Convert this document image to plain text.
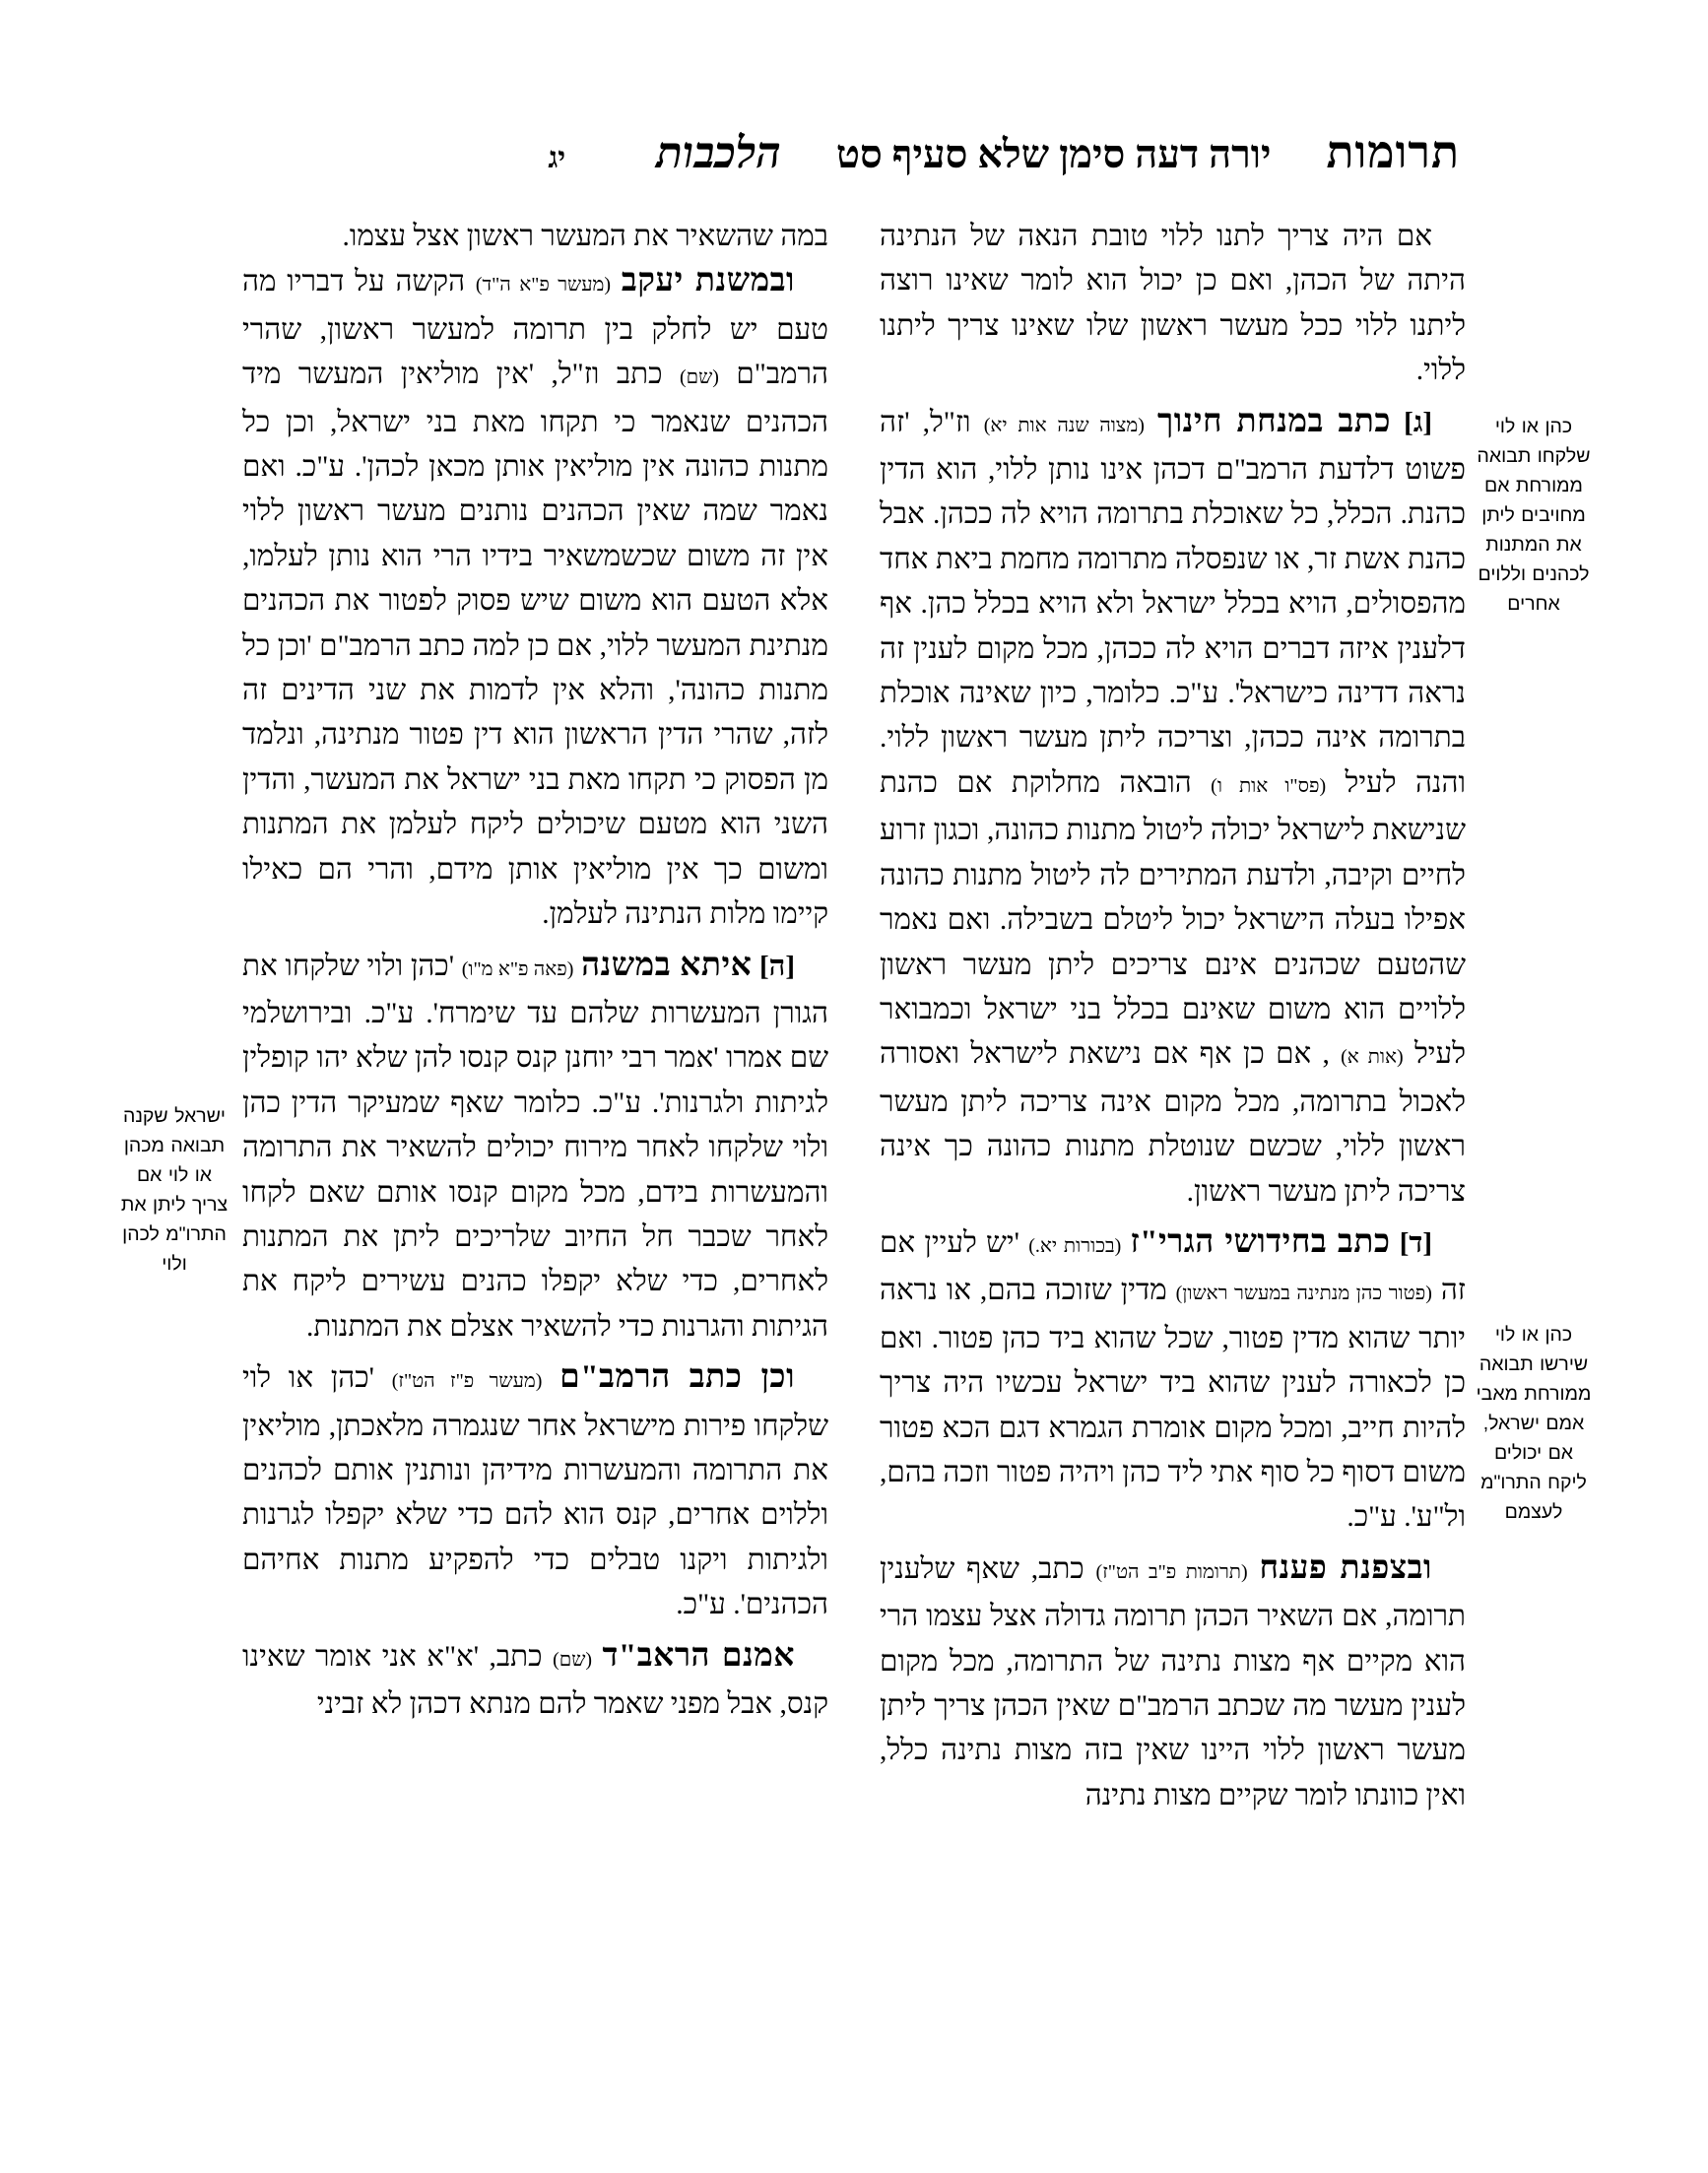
תרומות
יורה דעה סימן שלא סעיף סט
הלכבות
יג
כהן או לוי שלקחו תבואה ממורחת אם מחויבים ליתן את המתנות לכהנים וללוים אחרים
כהן או לוי שירשו תבואה ממורחת מאבי אמם ישראל, אם יכולים ליקח התרו"מ לעצמם

אם היה צריך לתנו ללוי טובת הנאה של הנתינה היתה של הכהן, ואם כן יכול הוא לומר שאינו רוצה ליתנו ללוי ככל מעשר ראשון שלו שאינו צריך ליתנו ללוי.

[ג] כתב במנחת חינוך (מצוה שנה אות יא) וז"ל, 'זה פשוט דלדעת הרמב"ם דכהן אינו נותן ללוי, הוא הדין כהנת. הכלל, כל שאוכלת בתרומה הויא לה ככהן. אבל כהנת אשת זר, או שנפסלה מתרומה מחמת ביאת אחד מהפסולים, הויא בכלל ישראל ולא הויא בכלל כהן. אף דלענין איזה דברים הויא לה ככהן, מכל מקום לענין זה נראה דדינה כישראל'. ע"כ. כלומר, כיון שאינה אוכלת בתרומה אינה ככהן, וצריכה ליתן מעשר ראשון ללוי. והנה לעיל (פס"ו אות ו) הובאה מחלוקת אם כהנת שנישאת לישראל יכולה ליטול מתנות כהונה, וכגון זרוע לחיים וקיבה, ולדעת המתירים לה ליטול מתנות כהונה אפילו בעלה הישראל יכול ליטלם בשבילה. ואם נאמר שהטעם שכהנים אינם צריכים ליתן מעשר ראשון ללויים הוא משום שאינם בכלל בני ישראל וכמבואר לעיל (אות א) , אם כן אף אם נישאת לישראל ואסורה לאכול בתרומה, מכל מקום אינה צריכה ליתן מעשר ראשון ללוי, שכשם שנוטלת מתנות כהונה כך אינה צריכה ליתן מעשר ראשון.

[ד] כתב בחידושי הגרי"ז (בכורות יא.) 'יש לעיין אם זה (פטור כהן מנתינה במעשר ראשון) מדין שזוכה בהם, או נראה יותר שהוא מדין פטור, שכל שהוא ביד כהן פטור. ואם כן לכאורה לענין שהוא ביד ישראל עכשיו היה צריך להיות חייב, ומכל מקום אומרת הגמרא דגם הכא פטור משום דסוף כל סוף אתי ליד כהן ויהיה פטור וזכה בהם, ול"ע'. ע"כ.

ובצפנת פענח (תרומות פ"ב הט"ז) כתב, שאף שלענין תרומה, אם השאיר הכהן תרומה גדולה אצל עצמו הרי הוא מקיים אף מצות נתינה של התרומה, מכל מקום לענין מעשר מה שכתב הרמב"ם שאין הכהן צריך ליתן מעשר ראשון ללוי היינו שאין בזה מצות נתינה כלל, ואין כוונתו לומר שקיים מצות נתינה

במה שהשאיר את המעשר ראשון אצל עצמו.

ובמשנת יעקב (מעשר פ"א ה"ד) הקשה על דבריו מה טעם יש לחלק בין תרומה למעשר ראשון, שהרי הרמב"ם (שם) כתב וז"ל, 'אין מוליאין המעשר מיד הכהנים שנאמר כי תקחו מאת בני ישראל, וכן כל מתנות כהונה אין מוליאין אותן מכאן לכהן'. ע"כ. ואם נאמר שמה שאין הכהנים נותנים מעשר ראשון ללוי אין זה משום שכשמשאיר בידיו הרי הוא נותן לעלמו, אלא הטעם הוא משום שיש פסוק לפטור את הכהנים מנתינת המעשר ללוי, אם כן למה כתב הרמב"ם 'וכן כל מתנות כהונה', והלא אין לדמות את שני הדינים זה לזה, שהרי הדין הראשון הוא דין פטור מנתינה, ונלמד מן הפסוק כי תקחו מאת בני ישראל את המעשר, והדין השני הוא מטעם שיכולים ליקח לעלמן את המתנות ומשום כך אין מוליאין אותן מידם, והרי הם כאילו קיימו מלות הנתינה לעלמן.

[ה] איתא במשנה (פאה פ"א מ"ו) 'כהן ולוי שלקחו את הגורן המעשרות שלהם עד שימרח'. ע"כ. ובירושלמי שם אמרו 'אמר רבי יוחנן קנס קנסו להן שלא יהו קופלין לגיתות ולגרנות'. ע"כ. כלומר שאף שמעיקר הדין כהן ולוי שלקחו לאחר מירוח יכולים להשאיר את התרומה והמעשרות בידם, מכל מקום קנסו אותם שאם לקחו לאחר שכבר חל החיוב שלריכים ליתן את המתנות לאחרים, כדי שלא יקפלו כהנים עשירים ליקח את הגיתות והגרנות כדי להשאיר אצלם את המתנות.

וכן כתב הרמב"ם (מעשר פ"ז הט"ז) 'כהן או לוי שלקחו פירות מישראל אחר שנגמרה מלאכתן, מוליאין את התרומה והמעשרות מידיהן ונותנין אותם לכהנים וללוים אחרים, קנס הוא להם כדי שלא יקפלו לגרנות ולגיתות ויקנו טבלים כדי להפקיע מתנות אחיהם הכהנים'. ע"כ.

אמנם הראב"ד (שם) כתב, 'א"א אני אומר שאינו קנס, אבל מפני שאמר להם מנתא דכהן לא זביני

ישראל שקנה תבואה מכהן או לוי אם צריך ליתן את התרו"מ לכהן ולוי
